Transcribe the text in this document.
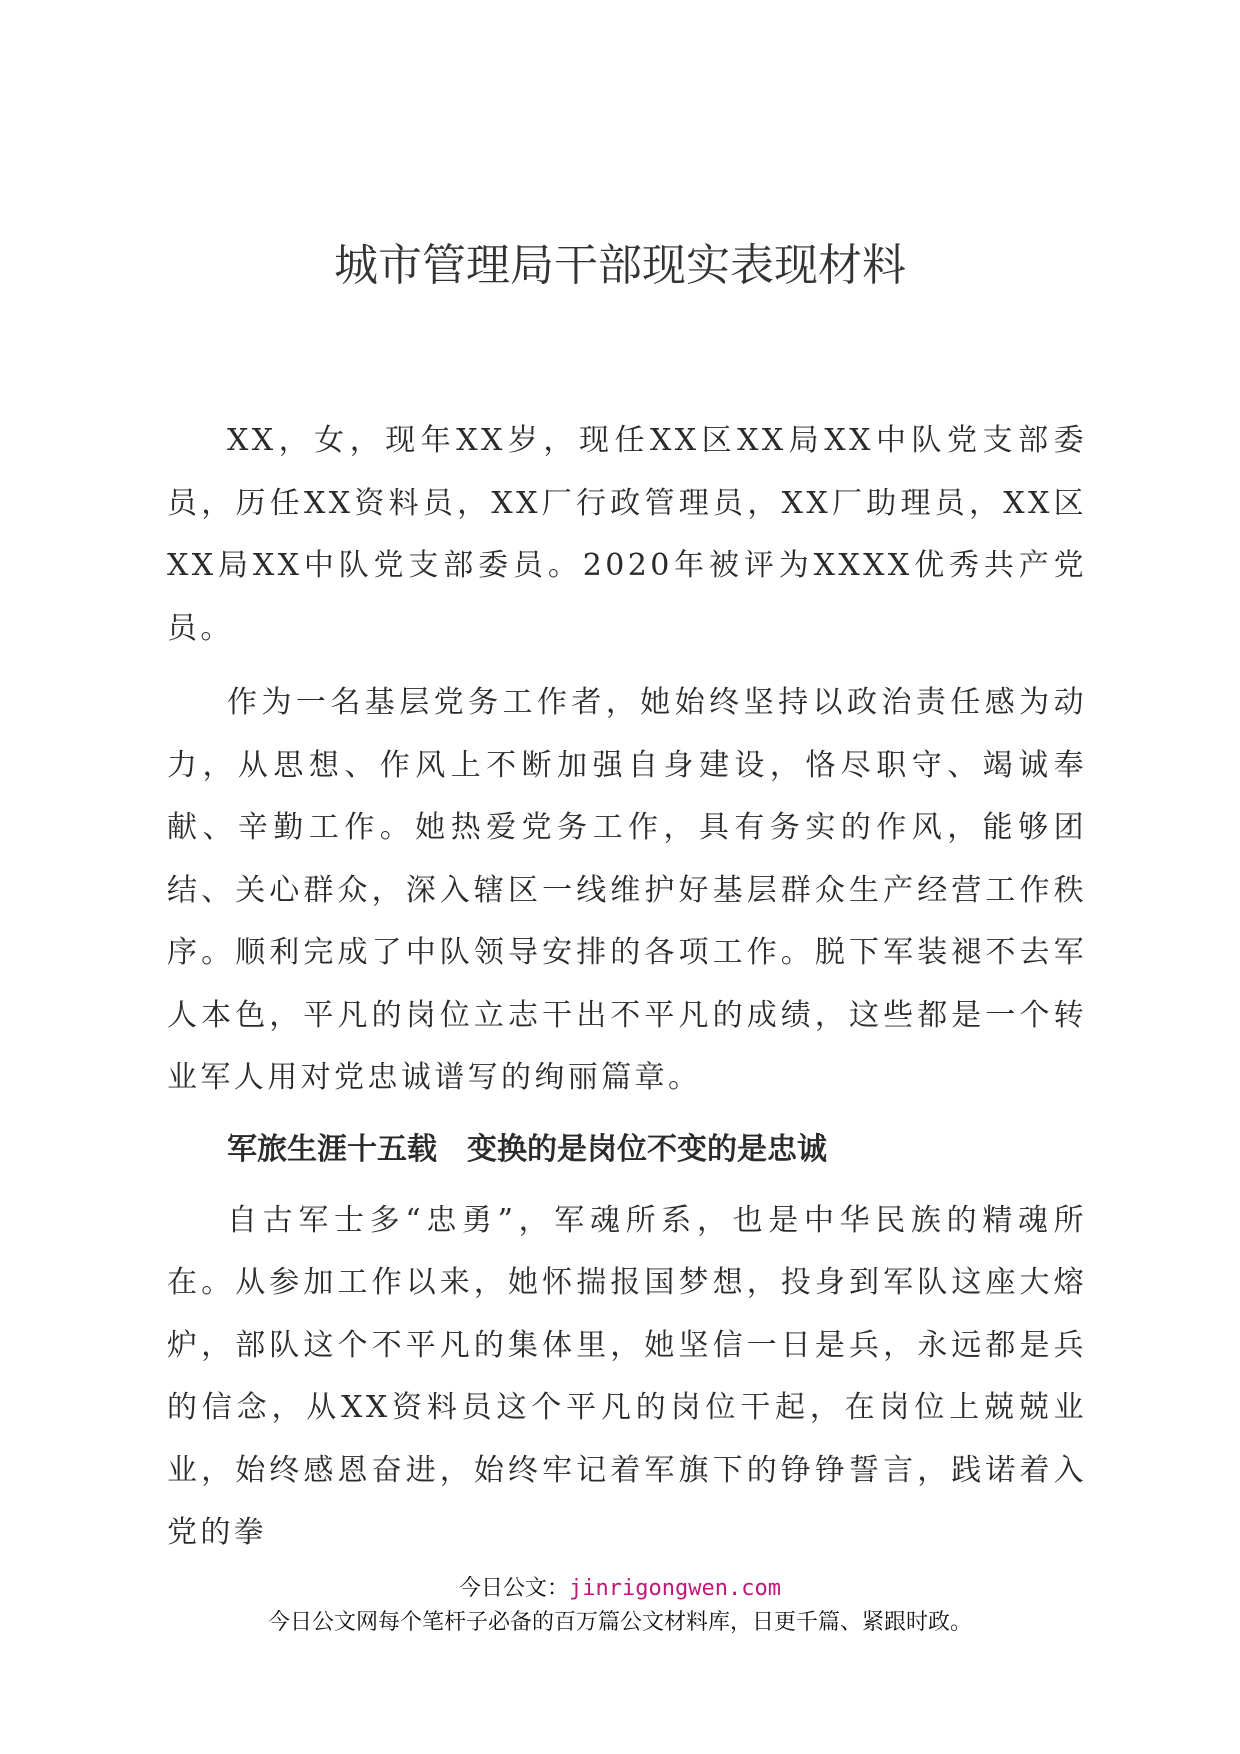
城市管理局干部现实表现材料

XX，女，现年XX岁，现任XX区XX局XX中队党支部委员，历任XX资料员，XX厂行政管理员，XX厂助理员，XX区XX局XX中队党支部委员。2020年被评为XXXX优秀共产党员。

作为一名基层党务工作者，她始终坚持以政治责任感为动力，从思想、作风上不断加强自身建设，恪尽职守、竭诚奉献、辛勤工作。她热爱党务工作，具有务实的作风，能够团结、关心群众，深入辖区一线维护好基层群众生产经营工作秩序。顺利完成了中队领导安排的各项工作。脱下军装褪不去军人本色，平凡的岗位立志干出不平凡的成绩，这些都是一个转业军人用对党忠诚谱写的绚丽篇章。

军旅生涯十五载　变换的是岗位不变的是忠诚

自古军士多“忠勇”，军魂所系，也是中华民族的精魂所在。从参加工作以来，她怀揣报国梦想，投身到军队这座大熔炉，部队这个不平凡的集体里，她坚信一日是兵，永远都是兵的信念，从XX资料员这个平凡的岗位干起，在岗位上兢兢业业，始终感恩奋进，始终牢记着军旗下的铮铮誓言，践诺着入党的拳

今日公文：jinrigongwen.com
今日公文网每个笔杆子必备的百万篇公文材料库，日更千篇、紧跟时政。
